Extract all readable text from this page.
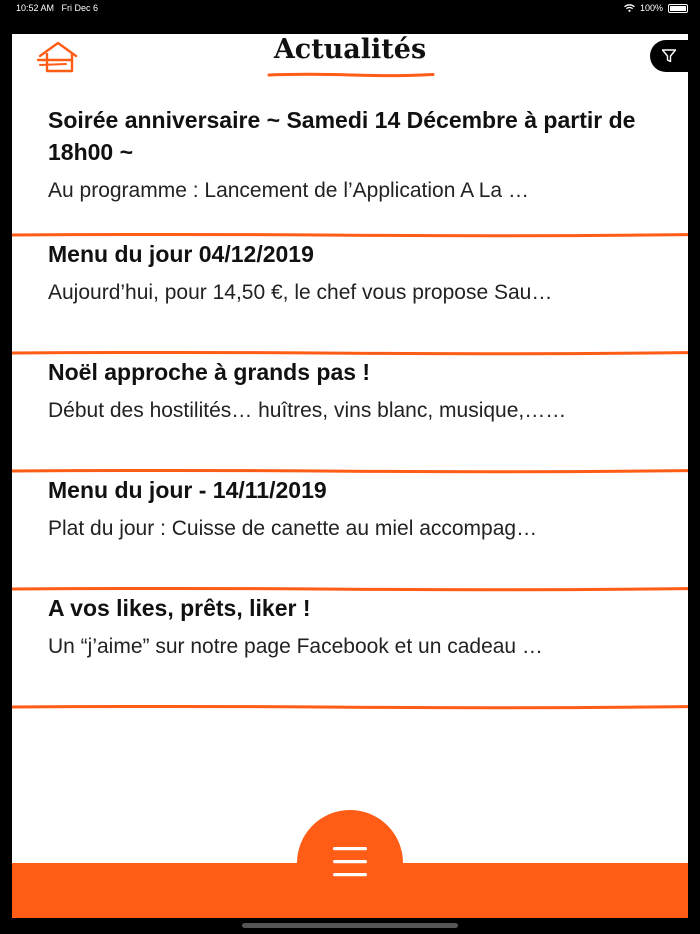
10:52 AM Fri Dec 6	100%
Actualités
Soirée anniversaire ~ Samedi 14 Décembre à partir de 18h00 ~
Au programme : Lancement de l’Application A La …
Menu du jour 04/12/2019
Aujourd’hui, pour 14,50 €, le chef vous propose Sau…
Noël approche à grands pas !
Début des hostilités… huîtres, vins blanc, musique,……
Menu du jour - 14/11/2019
Plat du jour : Cuisse de canette au miel accompag…
A vos likes, prêts, liker !
Un “j’aime” sur notre page Facebook et un cadeau …
